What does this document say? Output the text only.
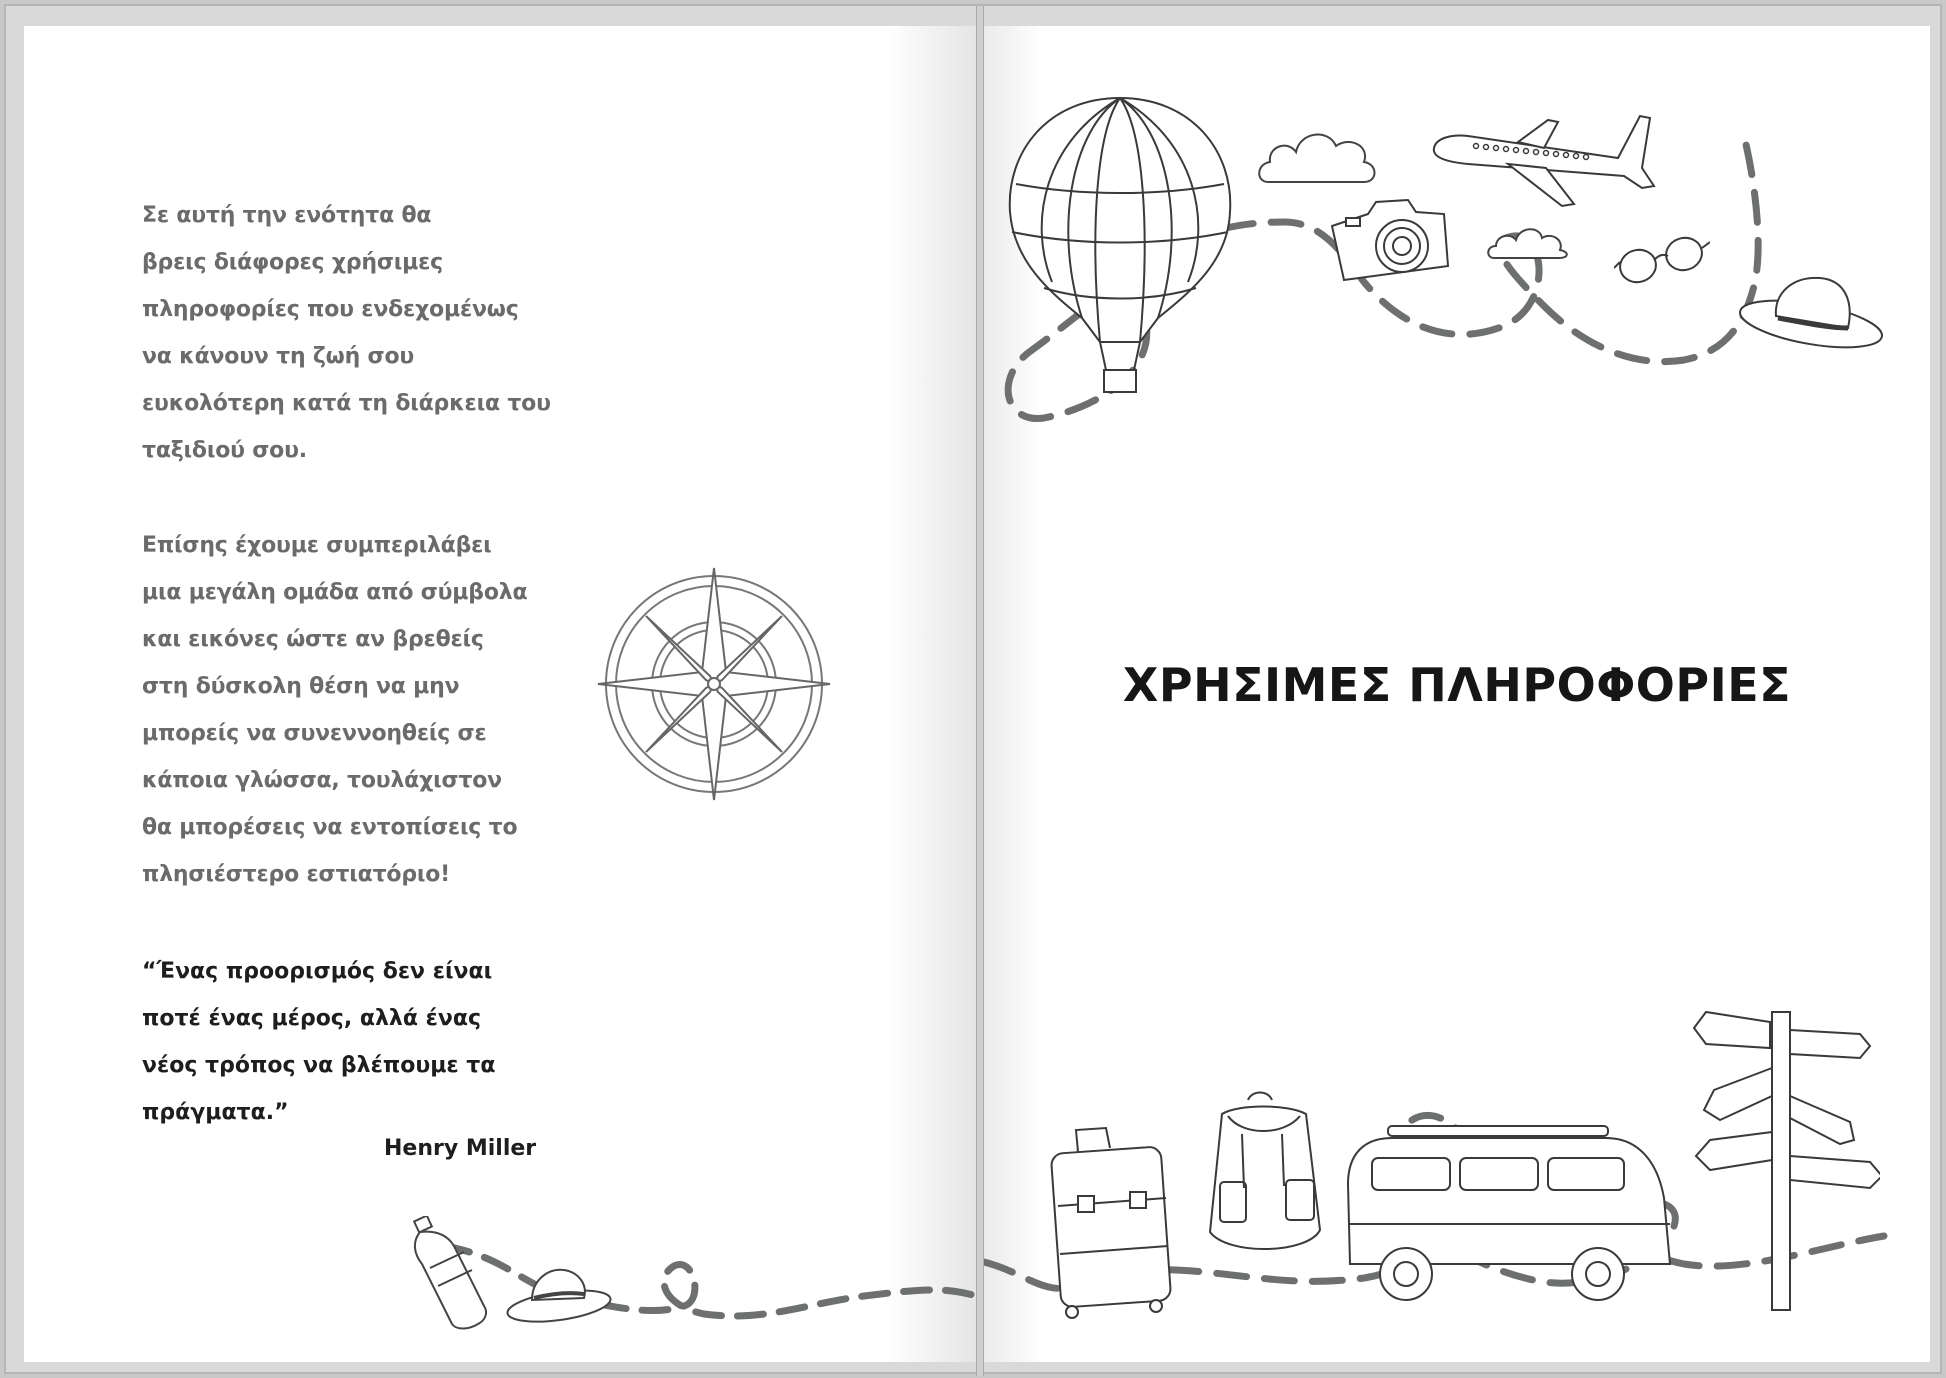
Σε αυτή την ενότητα θα
βρεις διάφορες χρήσιμες
πληροφορίες που ενδεχομένως
να κάνουν τη ζωή σου
ευκολότερη κατά τη διάρκεια του
ταξιδιού σου.

Επίσης έχουμε συμπεριλάβει
μια μεγάλη ομάδα από σύμβολα
και εικόνες ώστε αν βρεθείς
στη δύσκολη θέση να μην
μπορείς να συνεννοηθείς σε
κάποια γλώσσα, τουλάχιστον
θα μπορέσεις να εντοπίσεις το
πλησιέστερο εστιατόριο!

“Ένας προορισμός δεν είναι
ποτέ ένας μέρος, αλλά ένας
νέος τρόπος να βλέπουμε τα
πράγματα.”

Henry Miller
ΧΡΗΣΙΜΕΣ ΠΛΗΡΟΦΟΡΙΕΣ
